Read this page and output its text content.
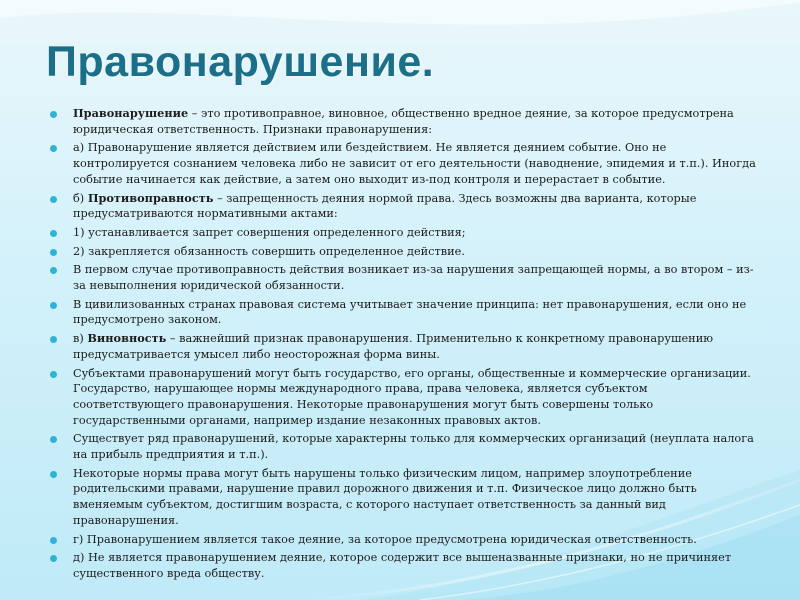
Правонарушение.
Правонарушение – это противоправное, виновное, общественно вредное деяние, за которое предусмотрена юридическая ответственность. Признаки правонарушения:
а) Правонарушение является действием или бездействием. Не является деянием событие. Оно не контролируется сознанием человека либо не зависит от его деятельности (наводнение, эпидемия и т.п.). Иногда событие начинается как действие, а затем оно выходит из-под контроля и перерастает в событие.
б) Противоправность – запрещенность деяния нормой права. Здесь возможны два варианта, которые предусматриваются нормативными актами:
1) устанавливается запрет совершения определенного действия;
2) закрепляется обязанность совершить определенное действие.
В первом случае противоправность действия возникает из-за нарушения запрещающей нормы, а во втором – из-за невыполнения юридической обязанности.
В цивилизованных странах правовая система учитывает значение принципа: нет правонарушения, если оно не предусмотрено законом.
в) Виновность – важнейший признак правонарушения. Применительно к конкретному правонарушению предусматривается умысел либо неосторожная форма вины.
Субъектами правонарушений могут быть государство, его органы, общественные и коммерческие организации. Государство, нарушающее нормы международного права, права человека, является субъектом соответствующего правонарушения. Некоторые правонарушения могут быть совершены только государственными органами, например издание незаконных правовых актов.
Существует ряд правонарушений, которые характерны только для коммерческих организаций (неуплата налога на прибыль предприятия и т.п.).
Некоторые нормы права могут быть нарушены только физическим лицом, например злоупотребление родительскими правами, нарушение правил дорожного движения и т.п. Физическое лицо должно быть вменяемым субъектом, достигшим возраста, с которого наступает ответственность за данный вид правонарушения.
г) Правонарушением является такое деяние, за которое предусмотрена юридическая ответственность.
д) Не является правонарушением деяние, которое содержит все вышеназванные признаки, но не причиняет существенного вреда обществу.
